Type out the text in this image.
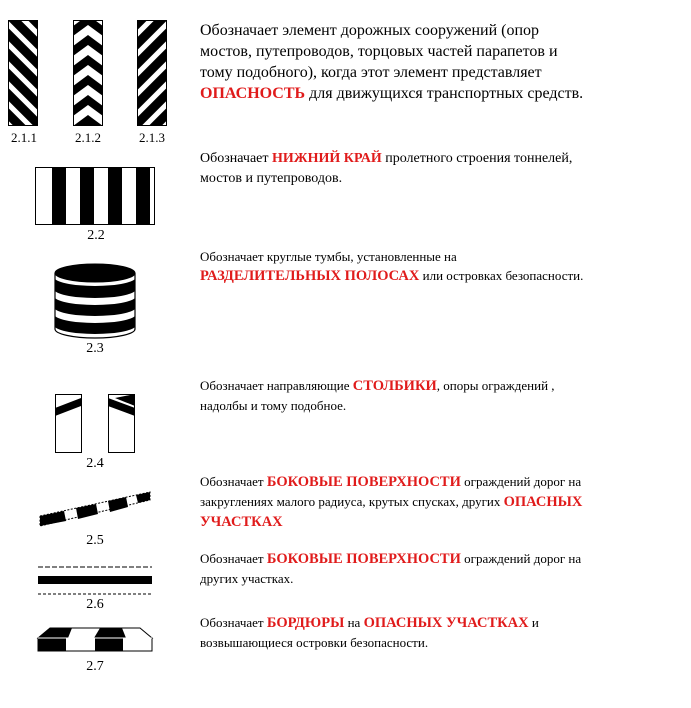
2.1.1	2.1.2	2.1.3
Обозначает элемент дорожных сооружений (опор мостов, путепроводов, торцовых частей парапетов и тому подобного), когда этот элемент представляет ОПАСНОСТЬ для движущихся транспортных средств.
2.2
Обозначает НИЖНИЙ КРАЙ пролетного строения тоннелей, мостов и путепроводов.
2.3
Обозначает круглые тумбы, установленные на РАЗДЕЛИТЕЛЬНЫХ ПОЛОСАХ или островках безопасности.
2.4
Обозначает направляющие СТОЛБИКИ, опоры ограждений , надолбы и тому подобное.
2.5
Обозначает БОКОВЫЕ ПОВЕРХНОСТИ ограждений дорог на закруглениях малого радиуса, крутых спусках, других ОПАСНЫХ УЧАСТКАХ
2.6
Обозначает БОКОВЫЕ ПОВЕРХНОСТИ ограждений дорог на других участках.
2.7
Обозначает БОРДЮРЫ на ОПАСНЫХ УЧАСТКАХ и возвышающиеся островки безопасности.
